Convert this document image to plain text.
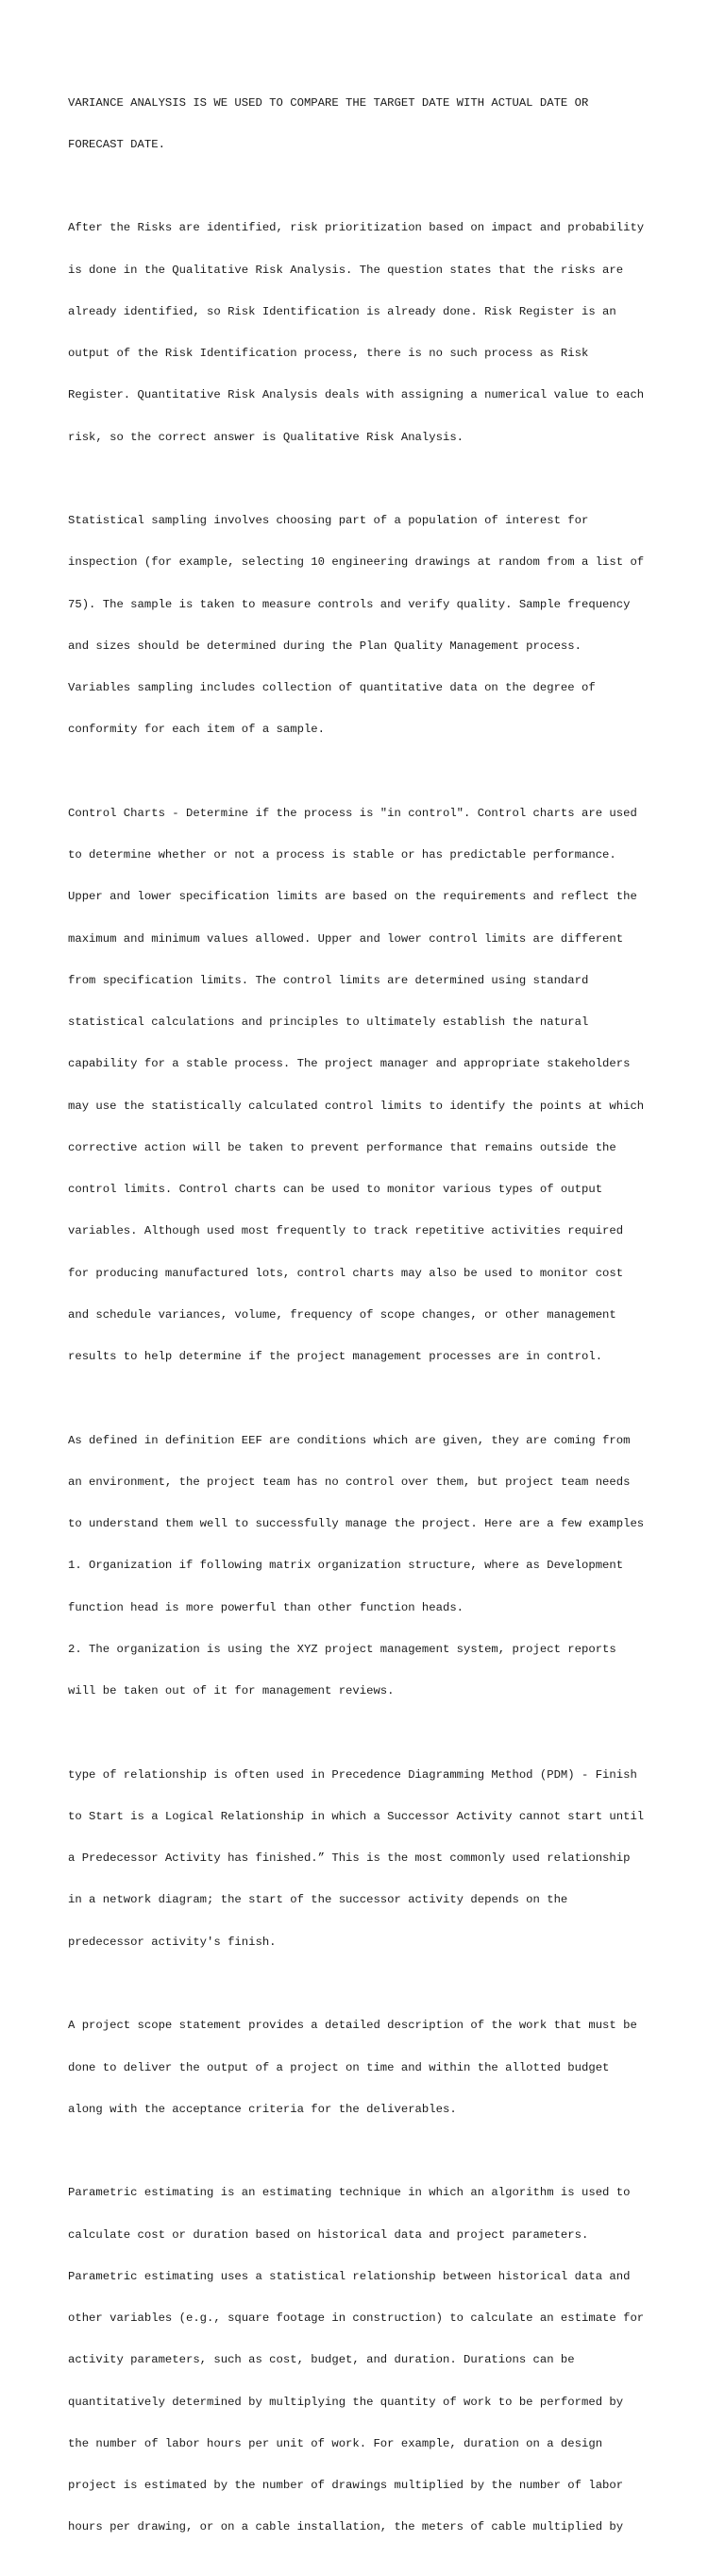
VARIANCE ANALYSIS IS WE USED TO COMPARE THE TARGET DATE WITH ACTUAL DATE OR

FORECAST DATE.

After the Risks are identified, risk prioritization based on impact and probability

is done in the Qualitative Risk Analysis. The question states that the risks are

already identified, so Risk Identification is already done. Risk Register is an

output of the Risk Identification process, there is no such process as Risk

Register. Quantitative Risk Analysis deals with assigning a numerical value to each

risk, so the correct answer is Qualitative Risk Analysis.

Statistical sampling involves choosing part of a population of interest for

inspection (for example, selecting 10 engineering drawings at random from a list of

75). The sample is taken to measure controls and verify quality. Sample frequency

and sizes should be determined during the Plan Quality Management process.

Variables sampling includes collection of quantitative data on the degree of

conformity for each item of a sample.

Control Charts - Determine if the process is "in control". Control charts are used

to determine whether or not a process is stable or has predictable performance.

Upper and lower specification limits are based on the requirements and reflect the

maximum and minimum values allowed. Upper and lower control limits are different

from specification limits. The control limits are determined using standard

statistical calculations and principles to ultimately establish the natural

capability for a stable process. The project manager and appropriate stakeholders

may use the statistically calculated control limits to identify the points at which

corrective action will be taken to prevent performance that remains outside the

control limits. Control charts can be used to monitor various types of output

variables. Although used most frequently to track repetitive activities required

for producing manufactured lots, control charts may also be used to monitor cost

and schedule variances, volume, frequency of scope changes, or other management

results to help determine if the project management processes are in control.

As defined in definition EEF are conditions which are given, they are coming from

an environment, the project team has no control over them, but project team needs

to understand them well to successfully manage the project. Here are a few examples

1. Organization if following matrix organization structure, where as Development

function head is more powerful than other function heads.

2. The organization is using the XYZ project management system, project reports

will be taken out of it for management reviews.

type of relationship is often used in Precedence Diagramming Method (PDM) - Finish

to Start is a Logical Relationship in which a Successor Activity cannot start until

a Predecessor Activity has finished.” This is the most commonly used relationship

in a network diagram; the start of the successor activity depends on the

predecessor activity's finish.

A project scope statement provides a detailed description of the work that must be

done to deliver the output of a project on time and within the allotted budget

along with the acceptance criteria for the deliverables.

Parametric estimating is an estimating technique in which an algorithm is used to

calculate cost or duration based on historical data and project parameters.

Parametric estimating uses a statistical relationship between historical data and

other variables (e.g., square footage in construction) to calculate an estimate for

activity parameters, such as cost, budget, and duration. Durations can be

quantitatively determined by multiplying the quantity of work to be performed by

the number of labor hours per unit of work. For example, duration on a design

project is estimated by the number of drawings multiplied by the number of labor

hours per drawing, or on a cable installation, the meters of cable multiplied by
